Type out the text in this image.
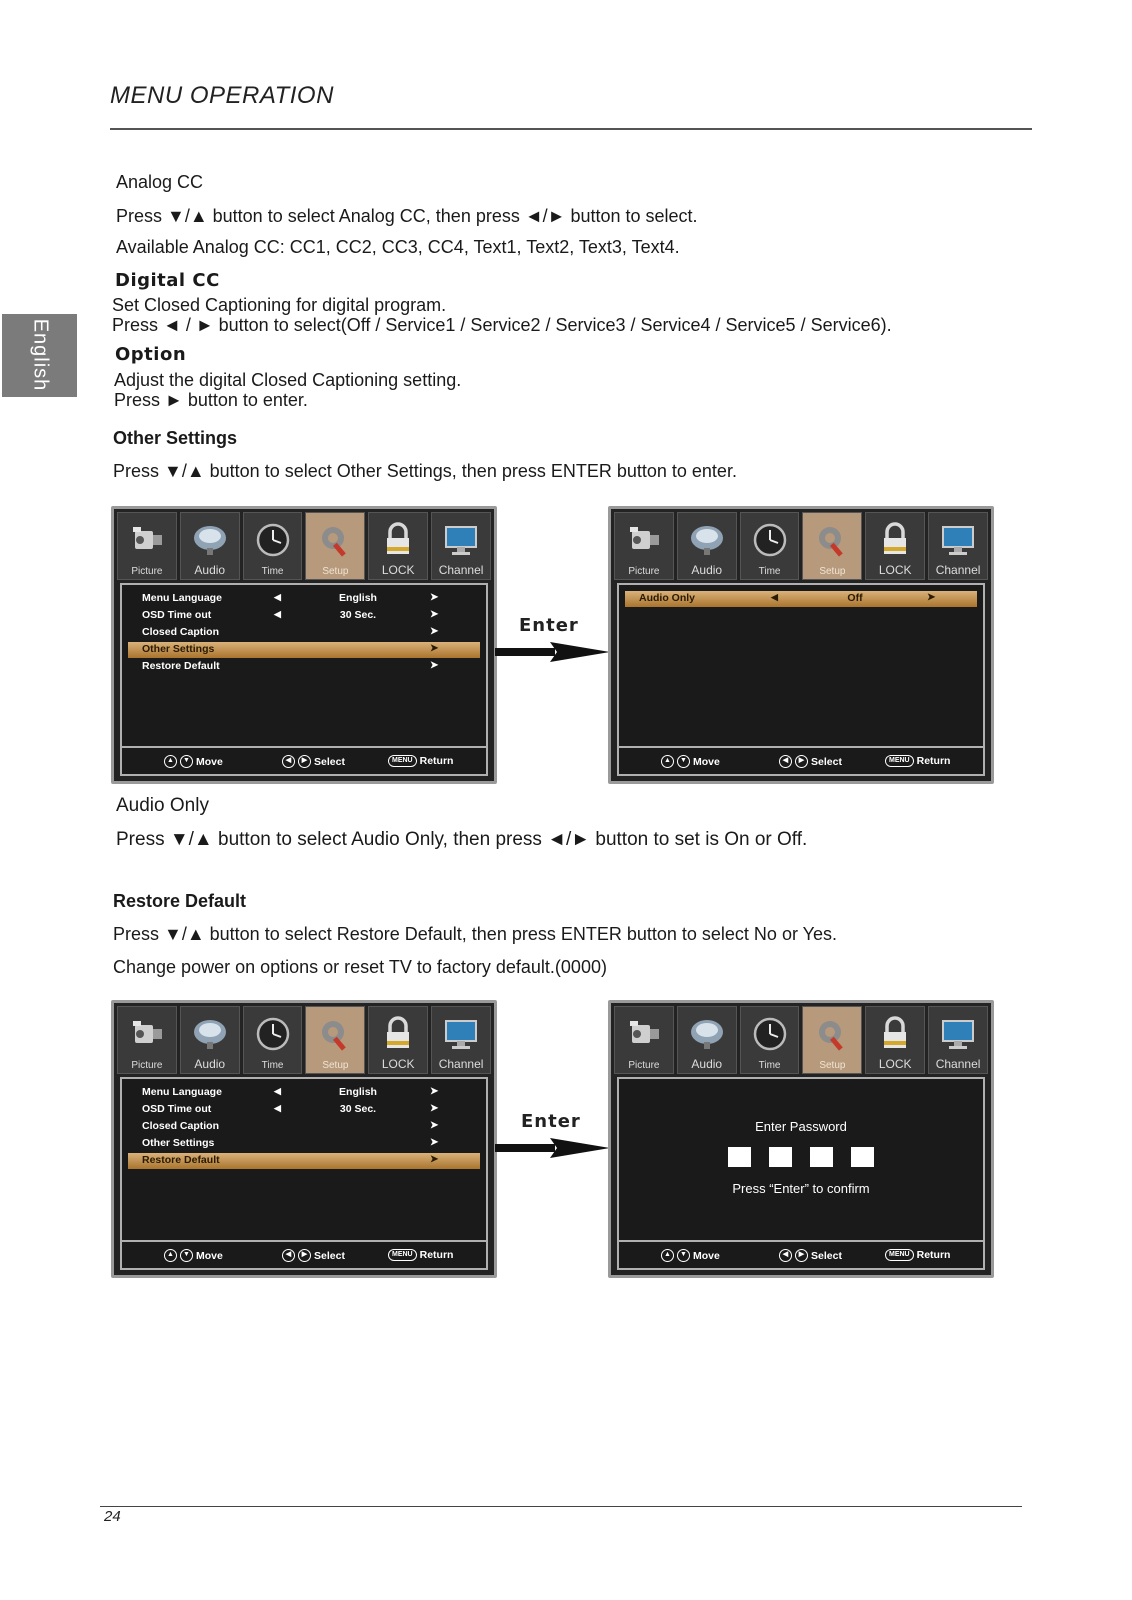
MENU OPERATION
English
Analog CC
Press ▼/▲ button to select Analog CC, then press ◄/► button to select.
Available Analog CC: CC1, CC2, CC3, CC4, Text1, Text2, Text3, Text4.
Digital CC
Set Closed Captioning for digital program.
Press ◄ / ► button to select(Off / Service1 / Service2 / Service3 / Service4 / Service5 / Service6).
Option
Adjust the digital Closed Captioning setting.
Press ► button to enter.
Other Settings
Press ▼/▲ button to select Other Settings, then press ENTER button to enter.
Picture	Audio	Time	Setup	LOCK	Channel
Menu Language	◀	English	➤
OSD Time out	◀	30 Sec.	➤
Closed Caption	➤
Other Settings	➤
Restore Default	➤
▲	▼ Move	◀	▶ Select	MENU Return
Enter
Picture	Audio	Time	Setup	LOCK	Channel
Audio Only	◀	Off	➤
▲	▼ Move	◀	▶ Select	MENU Return
Audio Only
Press ▼/▲ button to select Audio Only, then press ◄/► button to set is On or Off.
Restore Default
Press ▼/▲ button to select Restore Default, then press ENTER button to select No or Yes.
Change power on options or reset TV to factory default.(0000)
Picture	Audio	Time	Setup	LOCK	Channel
Menu Language	◀	English	➤
OSD Time out	◀	30 Sec.	➤
Closed Caption	➤
Other Settings	➤
Restore Default	➤
▲	▼ Move	◀	▶ Select	MENU Return
Enter
Picture	Audio	Time	Setup	LOCK	Channel
Enter Password
Press “Enter” to confirm
▲	▼ Move	◀	▶ Select	MENU Return
24
